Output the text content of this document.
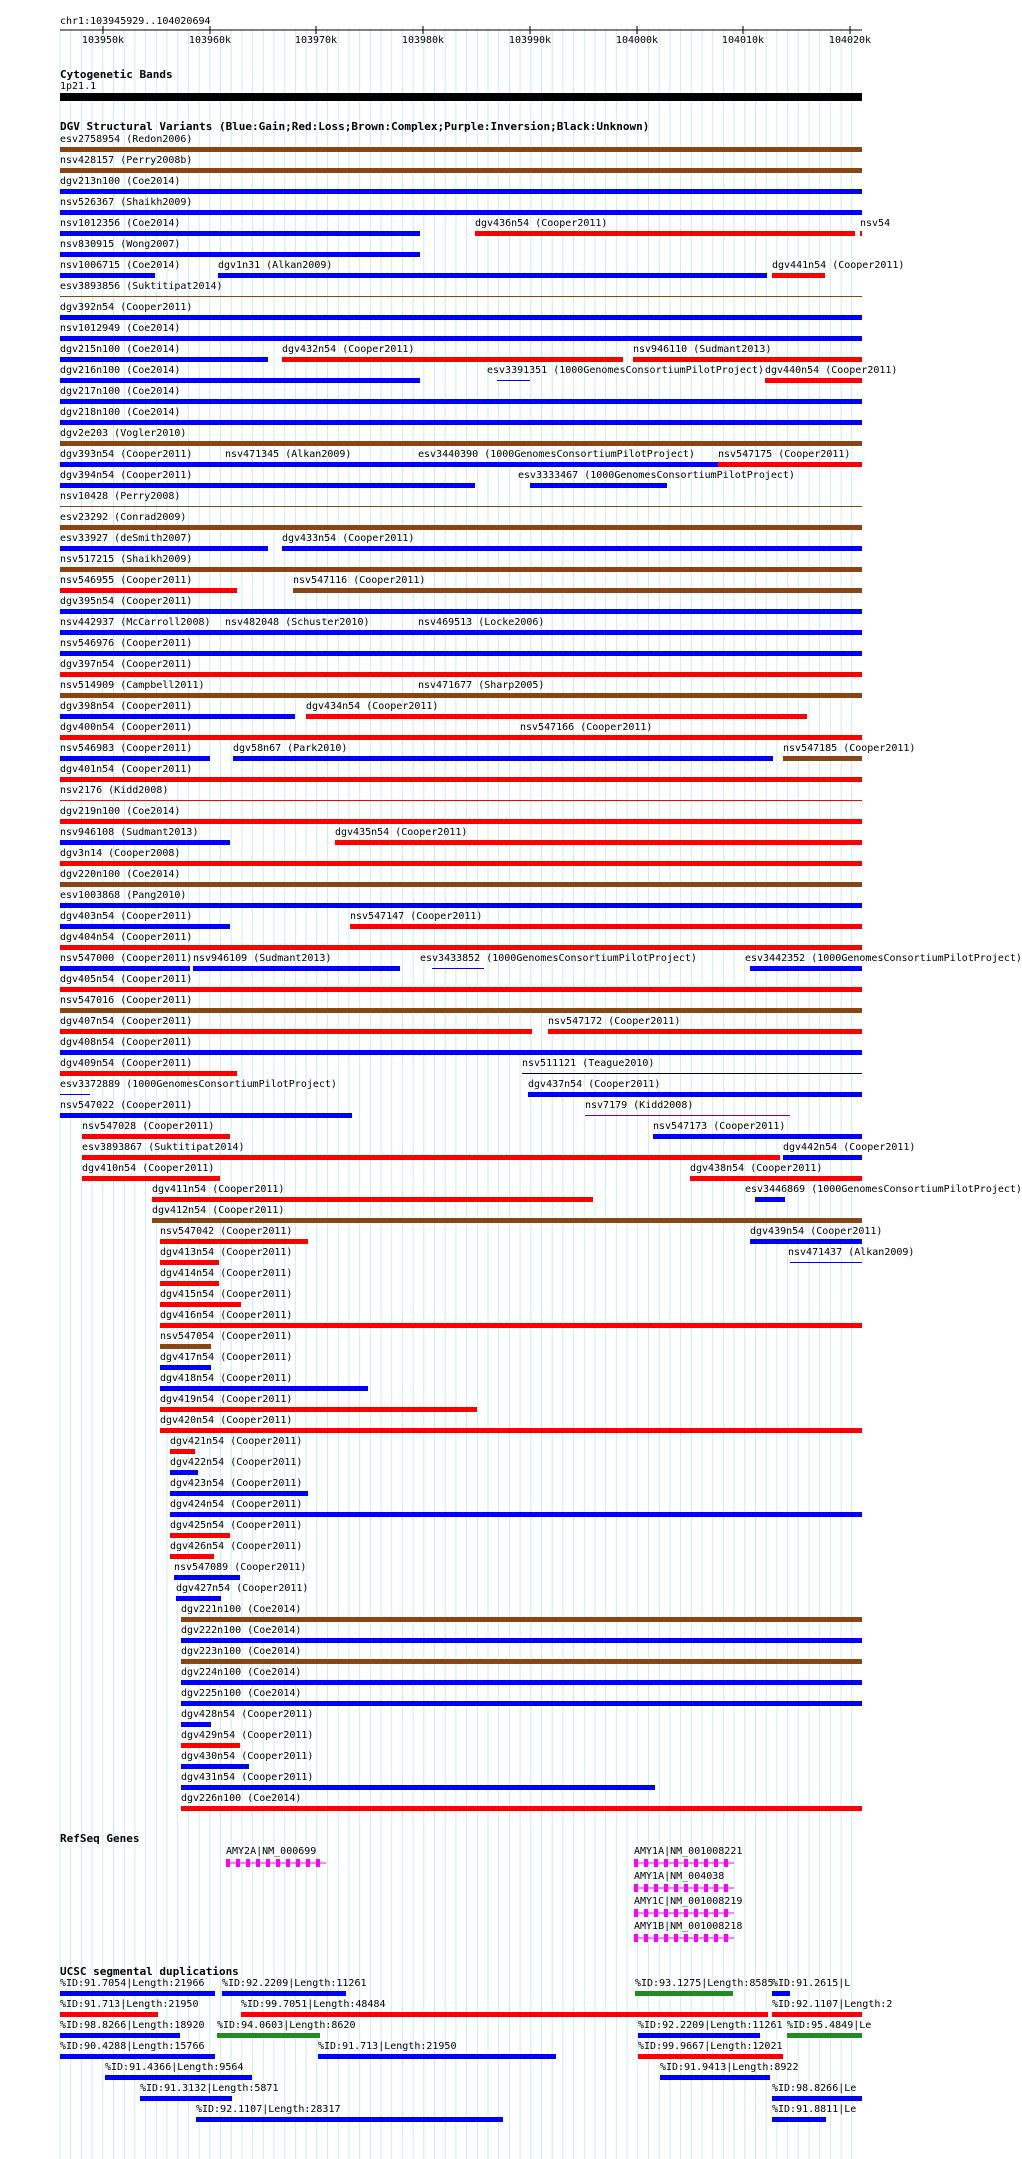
chr1:103945929..104020694
103950k	103960k	103970k	103980k	103990k	104000k	104010k	104020k
Cytogenetic Bands
1p21.1
DGV Structural Variants (Blue:Gain;Red:Loss;Brown:Complex;Purple:Inversion;Black:Unknown)
esv2758954 (Redon2006)
nsv428157 (Perry2008b)
dgv213n100 (Coe2014)
nsv526367 (Shaikh2009)
nsv1012356 (Coe2014)	dgv436n54 (Cooper2011)	nsv54
nsv830915 (Wong2007)
nsv1006715 (Coe2014)	dgv1n31 (Alkan2009)	dgv441n54 (Cooper2011)
esv3893856 (Suktitipat2014)
dgv392n54 (Cooper2011)
nsv1012949 (Coe2014)
dgv215n100 (Coe2014)	dgv432n54 (Cooper2011)	nsv946110 (Sudmant2013)
dgv216n100 (Coe2014)	esv3391351 (1000GenomesConsortiumPilotProject) dgv440n54 (Cooper2011)
dgv217n100 (Coe2014)
dgv218n100 (Coe2014)
dgv2e203 (Vogler2010)
dgv393n54 (Cooper2011)	nsv471345 (Alkan2009)	esv3440390 (1000GenomesConsortiumPilotProject) nsv547175 (Cooper2011)
dgv394n54 (Cooper2011)	esv3333467 (1000GenomesConsortiumPilotProject)
nsv10428 (Perry2008)
esv23292 (Conrad2009)
esv33927 (deSmith2007)	dgv433n54 (Cooper2011)
nsv517215 (Shaikh2009)
nsv546955 (Cooper2011)	nsv547116 (Cooper2011)
dgv395n54 (Cooper2011)
nsv442937 (McCarroll2008) nsv482048 (Schuster2010)	nsv469513 (Locke2006)
nsv546976 (Cooper2011)
dgv397n54 (Cooper2011)
nsv514909 (Campbell2011)	nsv471677 (Sharp2005)
dgv398n54 (Cooper2011)	dgv434n54 (Cooper2011)
dgv400n54 (Cooper2011)	nsv547166 (Cooper2011)
nsv546983 (Cooper2011)	dgv58n67 (Park2010)	nsv547185 (Cooper2011)
dgv401n54 (Cooper2011)
nsv2176 (Kidd2008)
dgv219n100 (Coe2014)
nsv946108 (Sudmant2013)	dgv435n54 (Cooper2011)
dgv3n14 (Cooper2008)
dgv220n100 (Coe2014)
esv1003868 (Pang2010)
dgv403n54 (Cooper2011)	nsv547147 (Cooper2011)
dgv404n54 (Cooper2011)
nsv547000 (Cooper2011) nsv946109 (Sudmant2013)	esv3433852 (1000GenomesConsortiumPilotProject)	esv3442352 (1000GenomesConsortiumPilotProject)
dgv405n54 (Cooper2011)
nsv547016 (Cooper2011)
dgv407n54 (Cooper2011)	nsv547172 (Cooper2011)
dgv408n54 (Cooper2011)
dgv409n54 (Cooper2011)	nsv511121 (Teague2010)
esv3372889 (1000GenomesConsortiumPilotProject)	dgv437n54 (Cooper2011)
nsv547022 (Cooper2011)	nsv7179 (Kidd2008)
nsv547028 (Cooper2011)	nsv547173 (Cooper2011)
esv3893867 (Suktitipat2014)	dgv442n54 (Cooper2011)
dgv410n54 (Cooper2011)	dgv438n54 (Cooper2011)
dgv411n54 (Cooper2011)	esv3446869 (1000GenomesConsortiumPilotProject)
dgv412n54 (Cooper2011)
nsv547042 (Cooper2011)	dgv439n54 (Cooper2011)
nsv471437 (Alkan2009)
dgv413n54 (Cooper2011)
dgv414n54 (Cooper2011)
dgv415n54 (Cooper2011)
dgv416n54 (Cooper2011)
nsv547054 (Cooper2011)
dgv417n54 (Cooper2011)
dgv418n54 (Cooper2011)
dgv419n54 (Cooper2011)
dgv420n54 (Cooper2011)
dgv421n54 (Cooper2011)
dgv422n54 (Cooper2011)
dgv423n54 (Cooper2011)
dgv424n54 (Cooper2011)
dgv425n54 (Cooper2011)
dgv426n54 (Cooper2011)
nsv547089 (Cooper2011)
dgv427n54 (Cooper2011)
dgv221n100 (Coe2014)
dgv222n100 (Coe2014)
dgv223n100 (Coe2014)
dgv224n100 (Coe2014)
dgv225n100 (Coe2014)
dgv428n54 (Cooper2011)
dgv429n54 (Cooper2011)
dgv430n54 (Cooper2011)
dgv431n54 (Cooper2011)
dgv226n100 (Coe2014)
RefSeq Genes
AMY2A|NM_000699	AMY1A|NM_001008221
AMY1A|NM_004038
AMY1C|NM_001008219
AMY1B|NM_001008218
UCSC segmental duplications
%ID:91.7054|Length:21966 %ID:92.2209|Length:11261	%ID:93.1275|Length:8585
%ID:91.2615|L
%ID:91.713|Length:21950	%ID:99.7051|Length:48484	%ID:92.1107|Length:2
%ID:98.8266|Length:18920 %ID:94.0603|Length:8620	%ID:92.2209|Length:11261 %ID:95.4849|Le
%ID:90.4288|Length:15766	%ID:91.713|Length:21950	%ID:99.9667|Length:12021
%ID:91.4366|Length:9564	%ID:91.9413|Length:8922
%ID:91.3132|Length:5871	%ID:98.8266|Le
%ID:92.1107|Length:28317	%ID:91.8811|Le
